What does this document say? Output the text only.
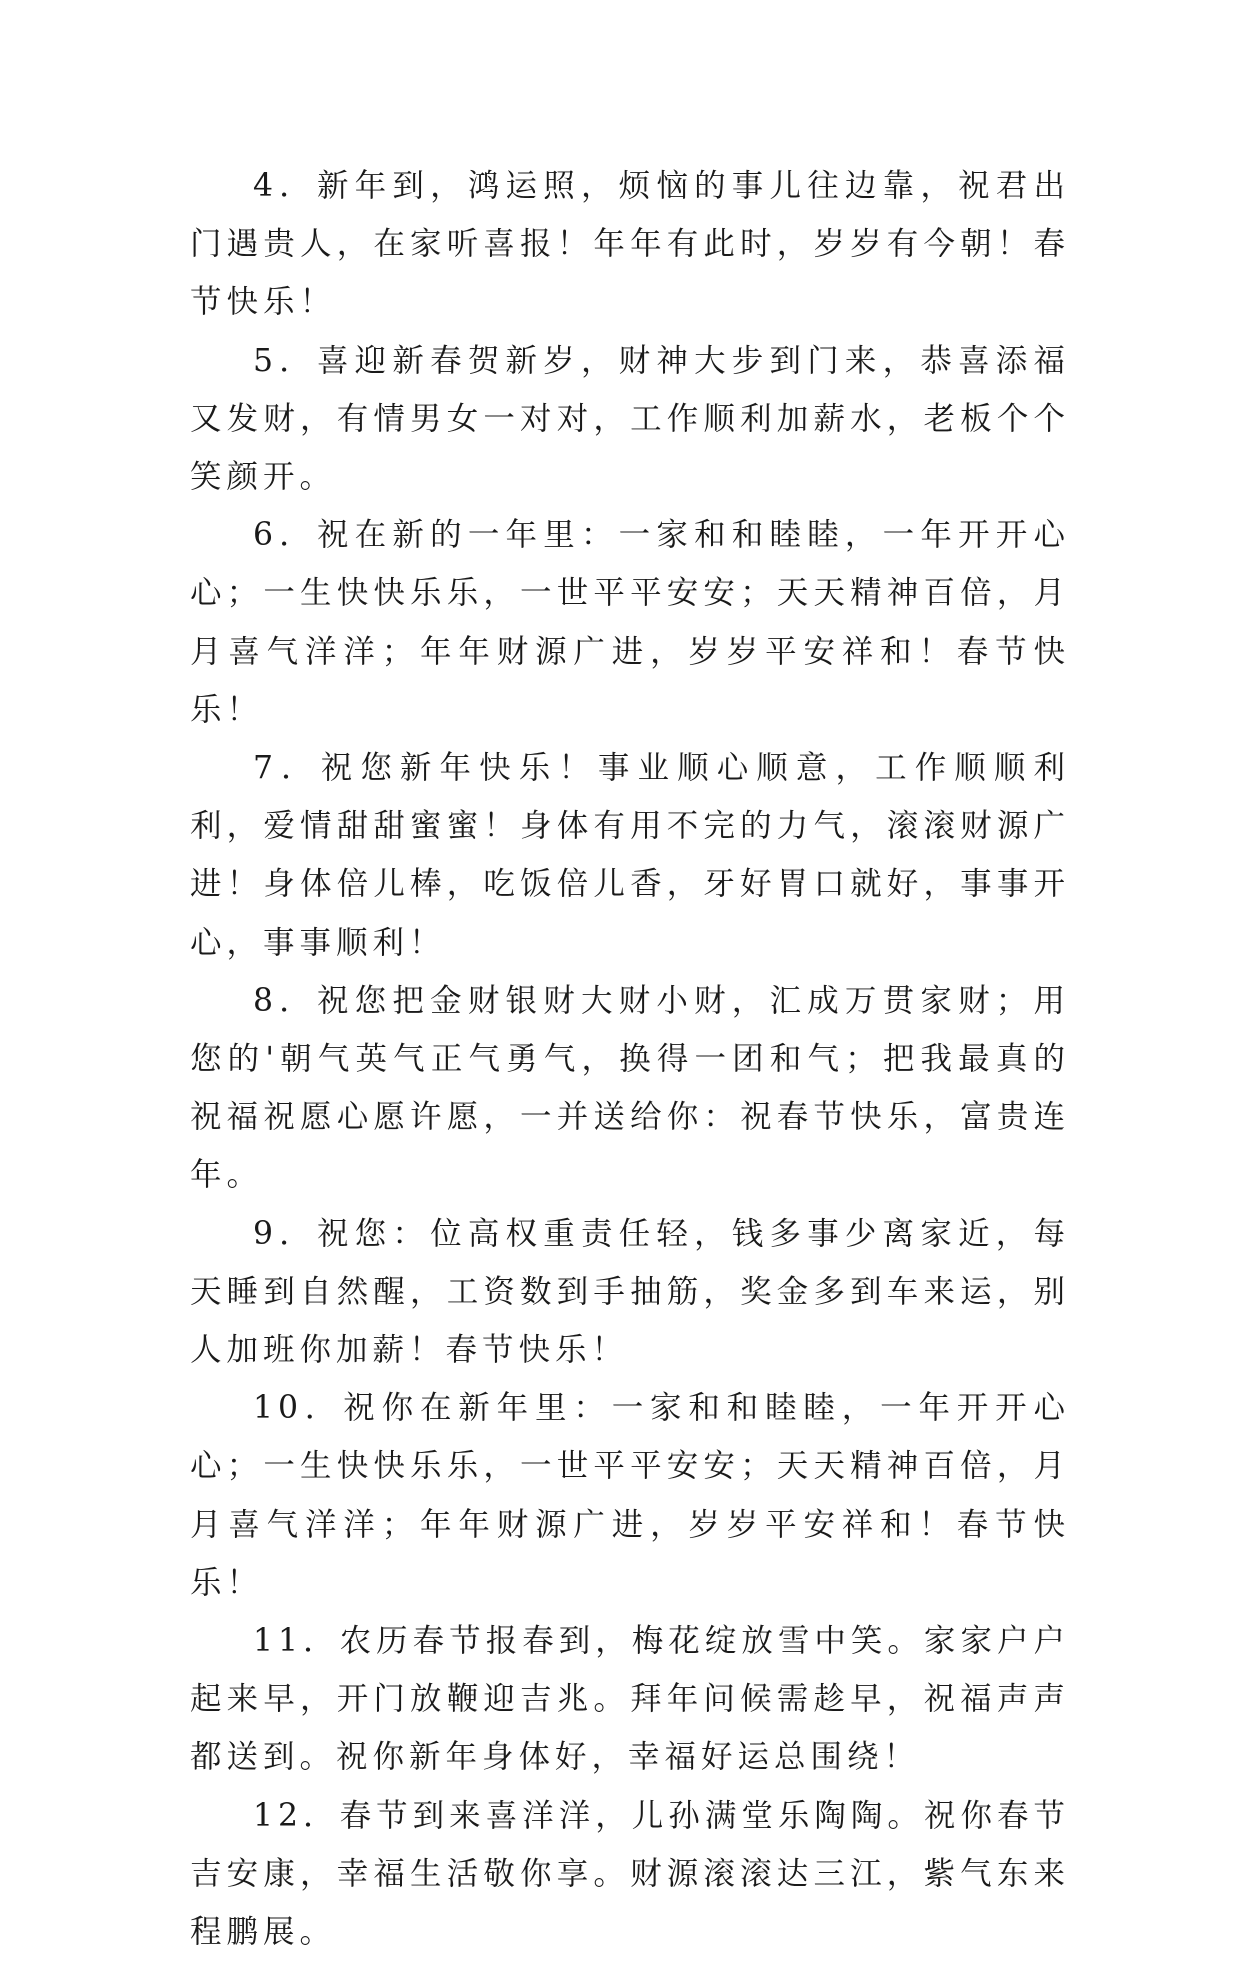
4．新年到，鸿运照，烦恼的事儿往边靠，祝君出门遇贵人，在家听喜报！年年有此时，岁岁有今朝！春节快乐！

5．喜迎新春贺新岁，财神大步到门来，恭喜添福又发财，有情男女一对对，工作顺利加薪水，老板个个笑颜开。

6．祝在新的一年里：一家和和睦睦，一年开开心心；一生快快乐乐，一世平平安安；天天精神百倍，月月喜气洋洋；年年财源广进，岁岁平安祥和！春节快乐！

7．祝您新年快乐！事业顺心顺意，工作顺顺利利，爱情甜甜蜜蜜！身体有用不完的力气，滚滚财源广进！身体倍儿棒，吃饭倍儿香，牙好胃口就好，事事开心，事事顺利！

8．祝您把金财银财大财小财，汇成万贯家财；用您的'朝气英气正气勇气，换得一团和气；把我最真的祝福祝愿心愿许愿，一并送给你：祝春节快乐，富贵连年。

9．祝您：位高权重责任轻，钱多事少离家近，每天睡到自然醒，工资数到手抽筋，奖金多到车来运，别人加班你加薪！春节快乐！

10．祝你在新年里：一家和和睦睦，一年开开心心；一生快快乐乐，一世平平安安；天天精神百倍，月月喜气洋洋；年年财源广进，岁岁平安祥和！春节快乐！

11．农历春节报春到，梅花绽放雪中笑。家家户户起来早，开门放鞭迎吉兆。拜年问候需趁早，祝福声声都送到。祝你新年身体好，幸福好运总围绕！

12．春节到来喜洋洋，儿孙满堂乐陶陶。祝你春节吉安康，幸福生活敬你享。财源滚滚达三江，紫气东来程鹏展。
